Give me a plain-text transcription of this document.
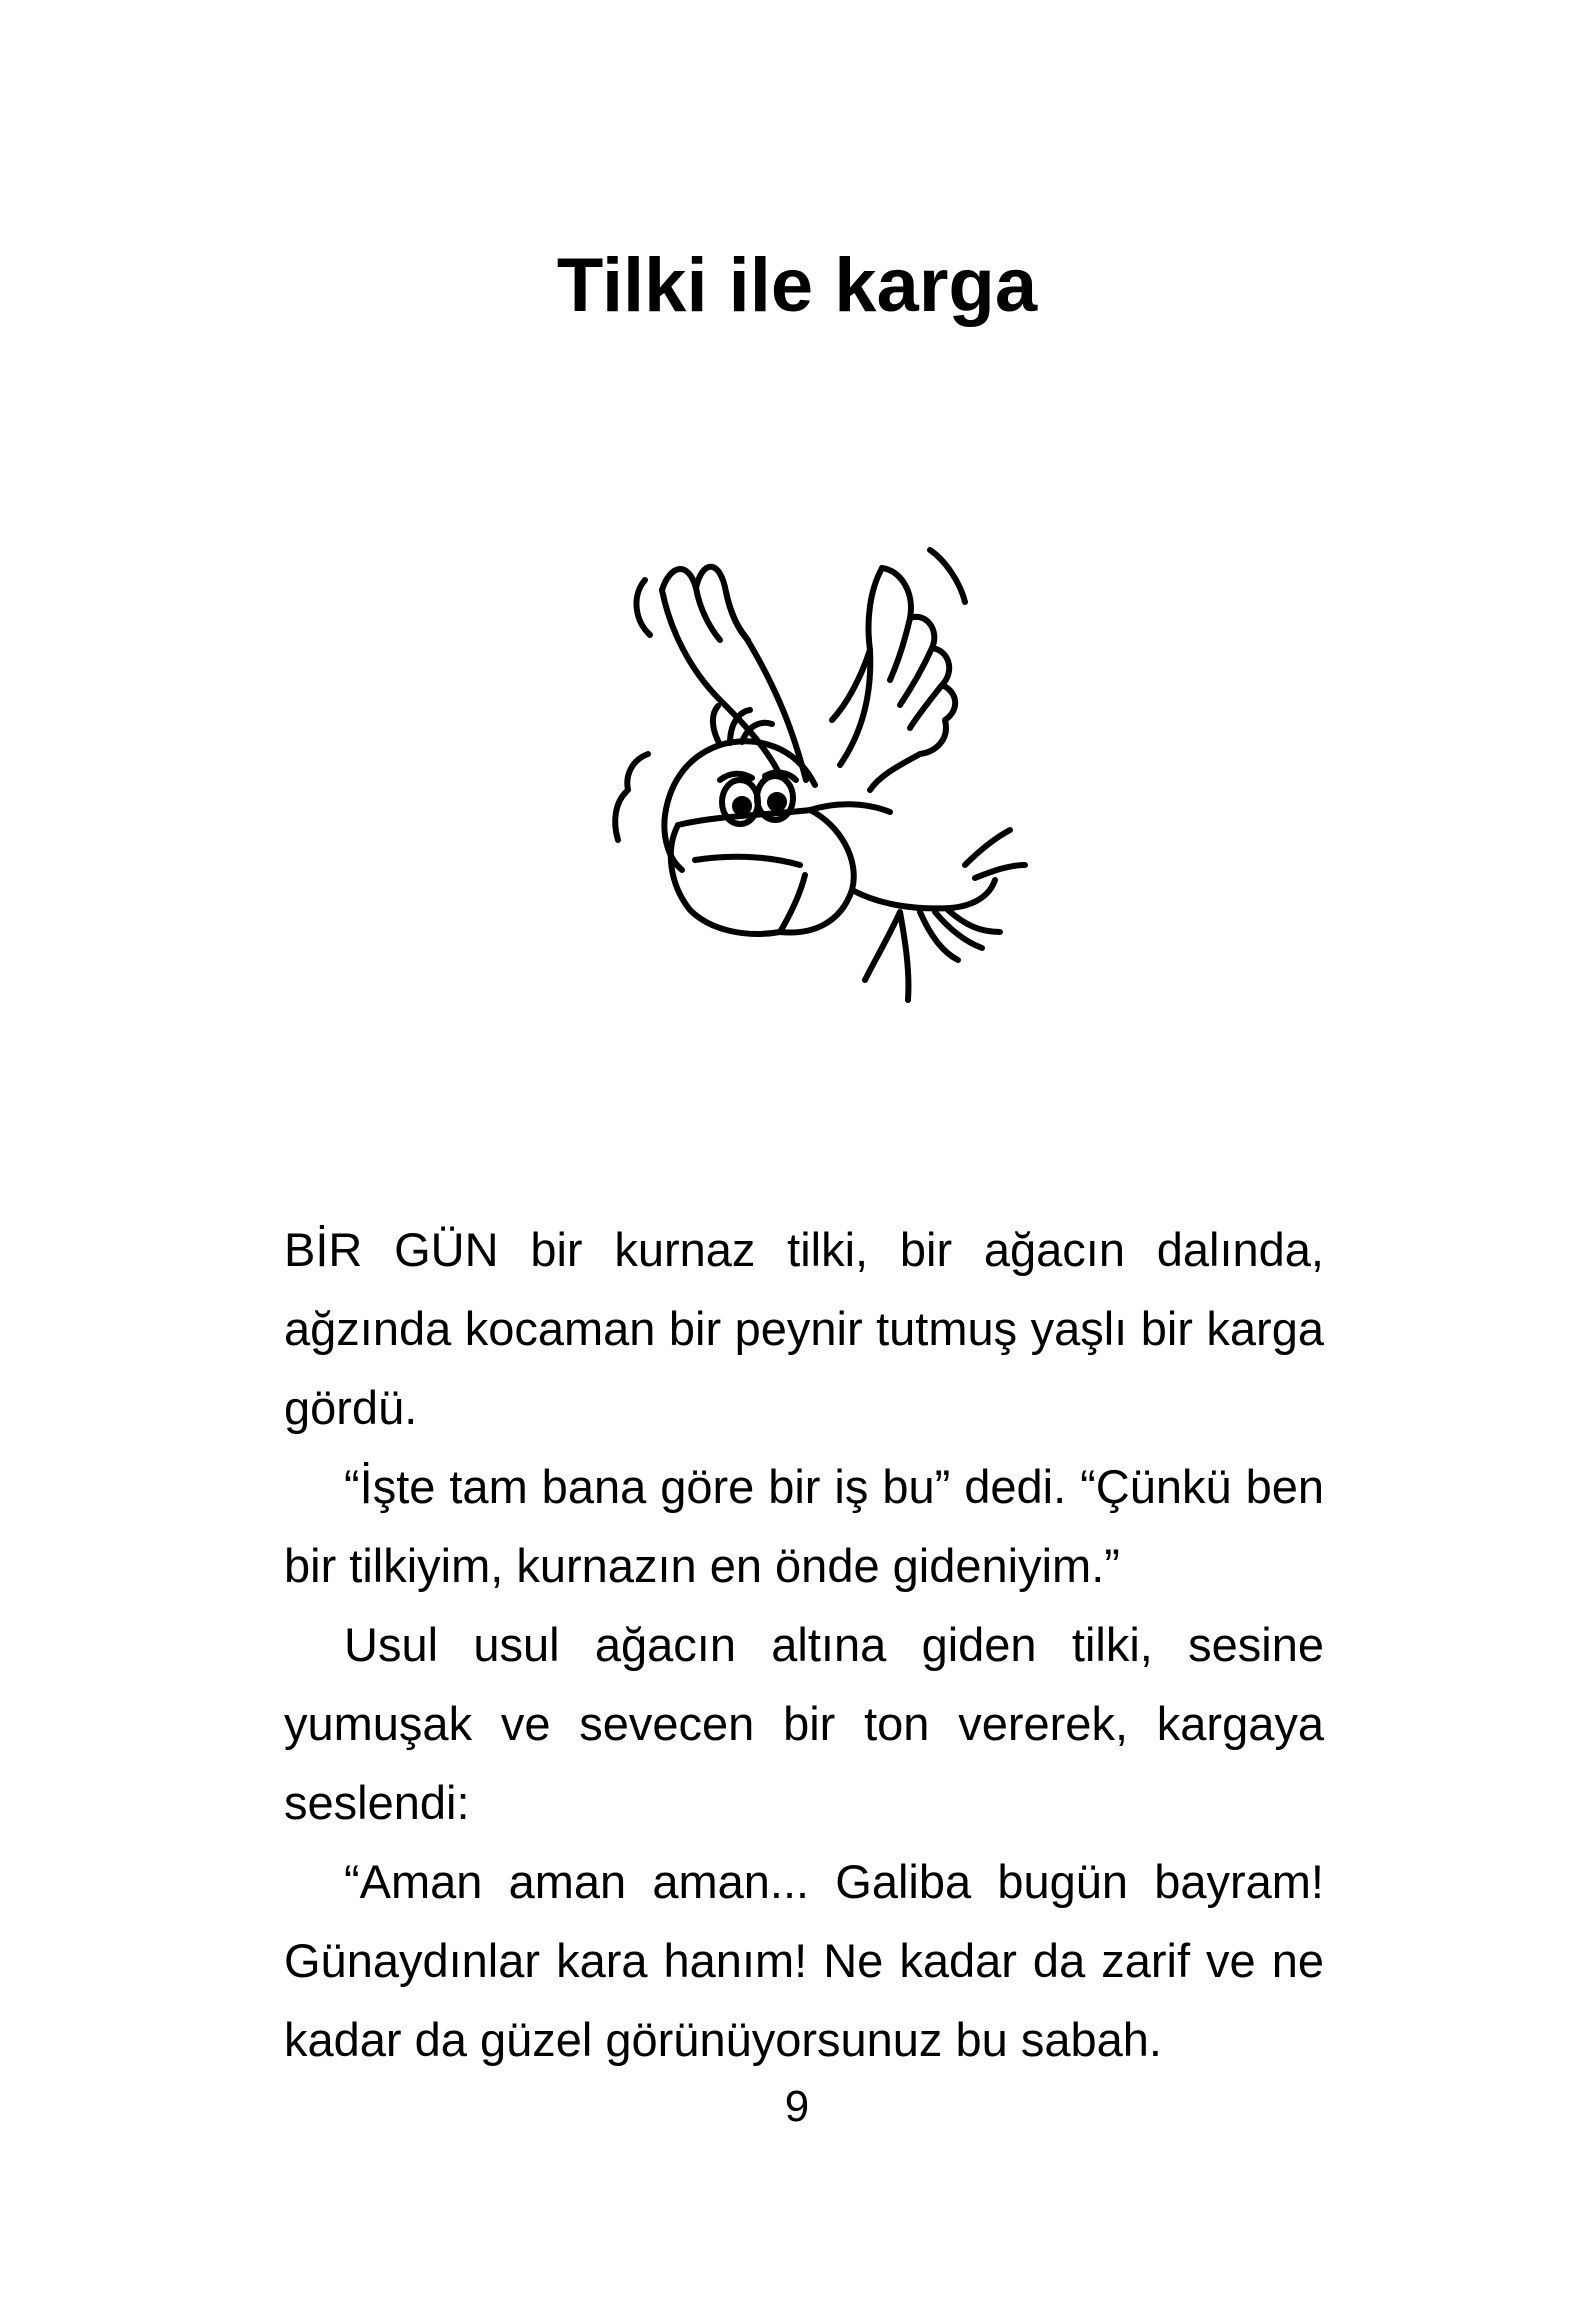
Tilki ile karga

BİR GÜN bir kurnaz tilki, bir ağacın dalında, ağzında kocaman bir peynir tutmuş yaşlı bir karga gördü.

“İşte tam bana göre bir iş bu” dedi. “Çünkü ben bir tilkiyim, kurnazın en önde gideniyim.”

Usul usul ağacın altına giden tilki, sesine yumuşak ve sevecen bir ton vererek, kargaya seslendi:

“Aman aman aman... Galiba bugün bayram! Günaydınlar kara hanım! Ne kadar da zarif ve ne kadar da güzel görünüyorsunuz bu sabah.

9
